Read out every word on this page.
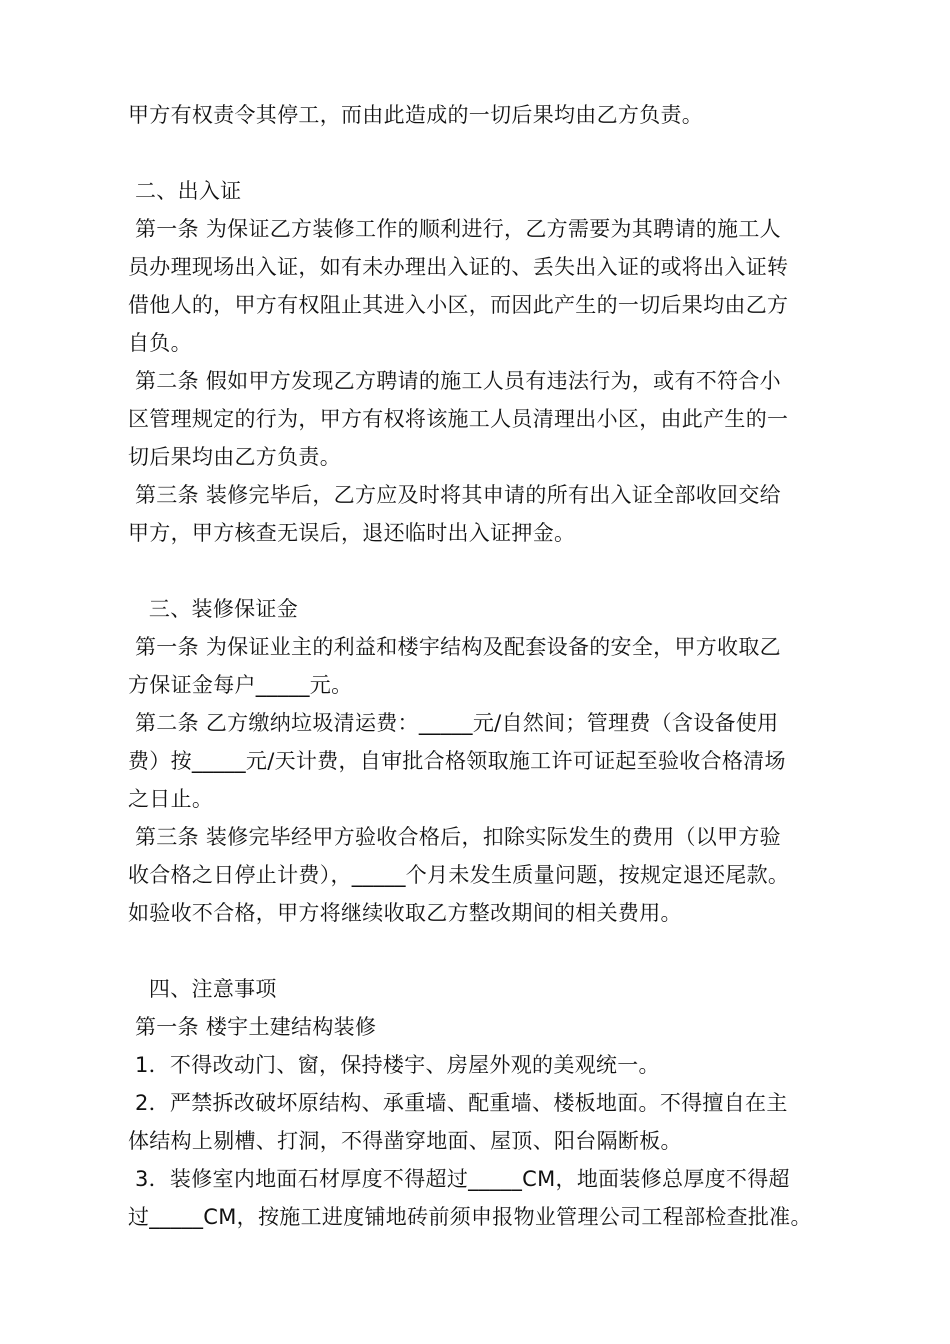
甲方有权责令其停工，而由此造成的一切后果均由乙方负责。
二、出入证
第一条 为保证乙方装修工作的顺利进行，乙方需要为其聘请的施工人
员办理现场出入证，如有未办理出入证的、丢失出入证的或将出入证转
借他人的，甲方有权阻止其进入小区，而因此产生的一切后果均由乙方
自负。
第二条 假如甲方发现乙方聘请的施工人员有违法行为，或有不符合小
区管理规定的行为，甲方有权将该施工人员清理出小区，由此产生的一
切后果均由乙方负责。
第三条 装修完毕后，乙方应及时将其申请的所有出入证全部收回交给
甲方，甲方核查无误后，退还临时出入证押金。
三、装修保证金
第一条 为保证业主的利益和楼宇结构及配套设备的安全，甲方收取乙
方保证金每户_____元。
第二条 乙方缴纳垃圾清运费：_____元/自然间；管理费（含设备使用
费）按_____元/天计费，自审批合格领取施工许可证起至验收合格清场
之日止。
第三条 装修完毕经甲方验收合格后，扣除实际发生的费用（以甲方验
收合格之日停止计费），_____个月未发生质量问题，按规定退还尾款。
如验收不合格，甲方将继续收取乙方整改期间的相关费用。
四、注意事项
第一条 楼宇土建结构装修
1．不得改动门、窗，保持楼宇、房屋外观的美观统一。
2．严禁拆改破坏原结构、承重墙、配重墙、楼板地面。不得擅自在主
体结构上剔槽、打洞，不得凿穿地面、屋顶、阳台隔断板。
3．装修室内地面石材厚度不得超过_____CM，地面装修总厚度不得超
过_____CM，按施工进度铺地砖前须申报物业管理公司工程部检查批准。
